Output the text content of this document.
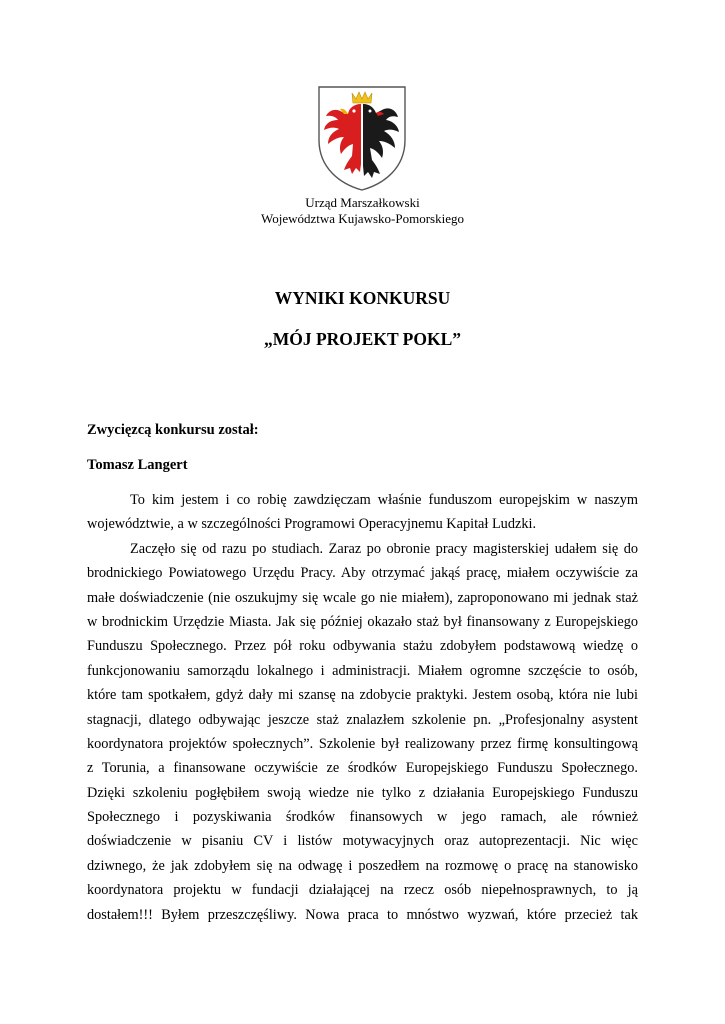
Urząd Marszałkowski
Województwa Kujawsko-Pomorskiego
WYNIKI KONKURSU
„MÓJ PROJEKT POKL”
Zwycięzcą konkursu został:
Tomasz Langert
To kim jestem i co robię zawdzięczam właśnie funduszom europejskim w naszym
województwie, a w szczególności Programowi Operacyjnemu Kapitał Ludzki.
Zaczęło się od razu po studiach. Zaraz po obronie pracy magisterskiej udałem się do
brodnickiego Powiatowego Urzędu Pracy. Aby otrzymać jakąś pracę, miałem oczywiście za
małe doświadczenie (nie oszukujmy się wcale go nie miałem), zaproponowano mi jednak staż
w brodnickim Urzędzie Miasta. Jak się później okazało staż był finansowany z Europejskiego
Funduszu Społecznego. Przez pół roku odbywania stażu zdobyłem podstawową wiedzę o
funkcjonowaniu samorządu lokalnego i administracji. Miałem ogromne szczęście to osób,
które tam spotkałem, gdyż dały mi szansę na zdobycie praktyki. Jestem osobą, która nie lubi
stagnacji, dlatego odbywając jeszcze staż znalazłem szkolenie pn. „Profesjonalny asystent
koordynatora projektów społecznych”. Szkolenie był realizowany przez firmę konsultingową
z Torunia, a finansowane oczywiście ze środków Europejskiego Funduszu Społecznego.
Dzięki szkoleniu pogłębiłem swoją wiedze nie tylko z działania Europejskiego Funduszu
Społecznego i pozyskiwania środków finansowych w jego ramach, ale również
doświadczenie w pisaniu CV i listów motywacyjnych oraz autoprezentacji. Nic więc
dziwnego, że jak zdobyłem się na odwagę i poszedłem na rozmowę o pracę na stanowisko
koordynatora projektu w fundacji działającej na rzecz osób niepełnosprawnych, to ją
dostałem!!! Byłem przeszczęśliwy. Nowa praca to mnóstwo wyzwań, które przecież tak
